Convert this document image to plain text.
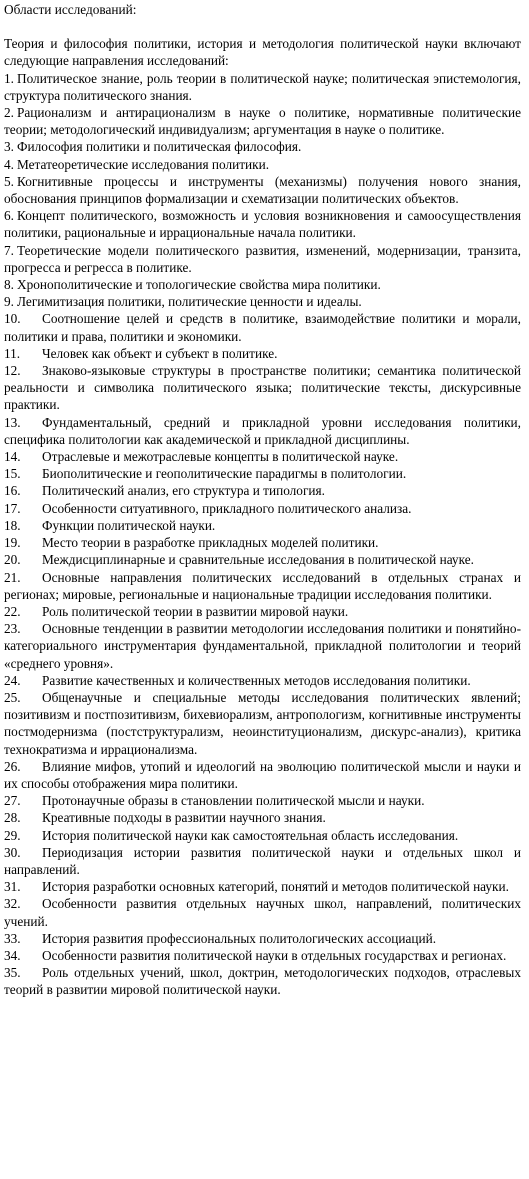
Области исследований:

Теория и философия политики, история и методология политической науки включают следующие направления исследований:

1. Политическое знание, роль теории в политической науке; политическая эпистемология, структура политического знания.

2. Рационализм и антирационализм в науке о политике, нормативные политические теории; методологический индивидуализм; аргументация в науке о политике.

3. Философия политики и политическая философия.

4. Метатеоретические исследования политики.

5. Когнитивные процессы и инструменты (механизмы) получения нового знания, обоснования принципов формализации и схематизации политических объектов.

6. Концепт политического, возможность и условия возникновения и самоосуществления политики, рациональные и иррациональные начала политики.

7. Теоретические модели политического развития, изменений, модернизации, транзита, прогресса и регресса в политике.

8. Хронополитические и топологические свойства мира политики.

9. Легимитизация политики, политические ценности и идеалы.

10. Соотношение целей и средств в политике, взаимодействие политики и морали, политики и права, политики и экономики.

11. Человек как объект и субъект в политике.

12. Знаково-языковые структуры в пространстве политики; семантика политической реальности и символика политического языка; политические тексты, дискурсивные практики.

13. Фундаментальный, средний и прикладной уровни исследования политики, специфика политологии как академической и прикладной дисциплины.

14. Отраслевые и межотраслевые концепты в политической науке.

15. Биополитические и геополитические парадигмы в политологии.

16. Политический анализ, его структура и типология.

17. Особенности ситуативного, прикладного политического анализа.

18. Функции политической науки.

19. Место теории в разработке прикладных моделей политики.

20. Междисциплинарные и сравнительные исследования в политической науке.

21. Основные направления политических исследований в отдельных странах и регионах; мировые, региональные и национальные традиции исследования политики.

22. Роль политической теории в развитии мировой науки.

23. Основные тенденции в развитии методологии исследования политики и понятийно-категориального инструментария фундаментальной, прикладной политологии и теорий «среднего уровня».

24. Развитие качественных и количественных методов исследования политики.

25. Общенаучные и специальные методы исследования политических явлений; позитивизм и постпозитивизм, бихевиорализм, антропологизм, когнитивные инструменты постмодернизма (постструктурализм, неоинституционализм, дискурс-анализ), критика технократизма и иррационализма.

26. Влияние мифов, утопий и идеологий на эволюцию политической мысли и науки и их способы отображения мира политики.

27. Протонаучные образы в становлении политической мысли и науки.

28. Креативные подходы в развитии научного знания.

29. История политической науки как самостоятельная область исследования.

30. Периодизация истории развития политической науки и отдельных школ и направлений.

31. История разработки основных категорий, понятий и методов политической науки.

32. Особенности развития отдельных научных школ, направлений, политических учений.

33. История развития профессиональных политологических ассоциаций.

34. Особенности развития политической науки в отдельных государствах и регионах.

35. Роль отдельных учений, школ, доктрин, методологических подходов, отраслевых теорий в развитии мировой политической науки.
